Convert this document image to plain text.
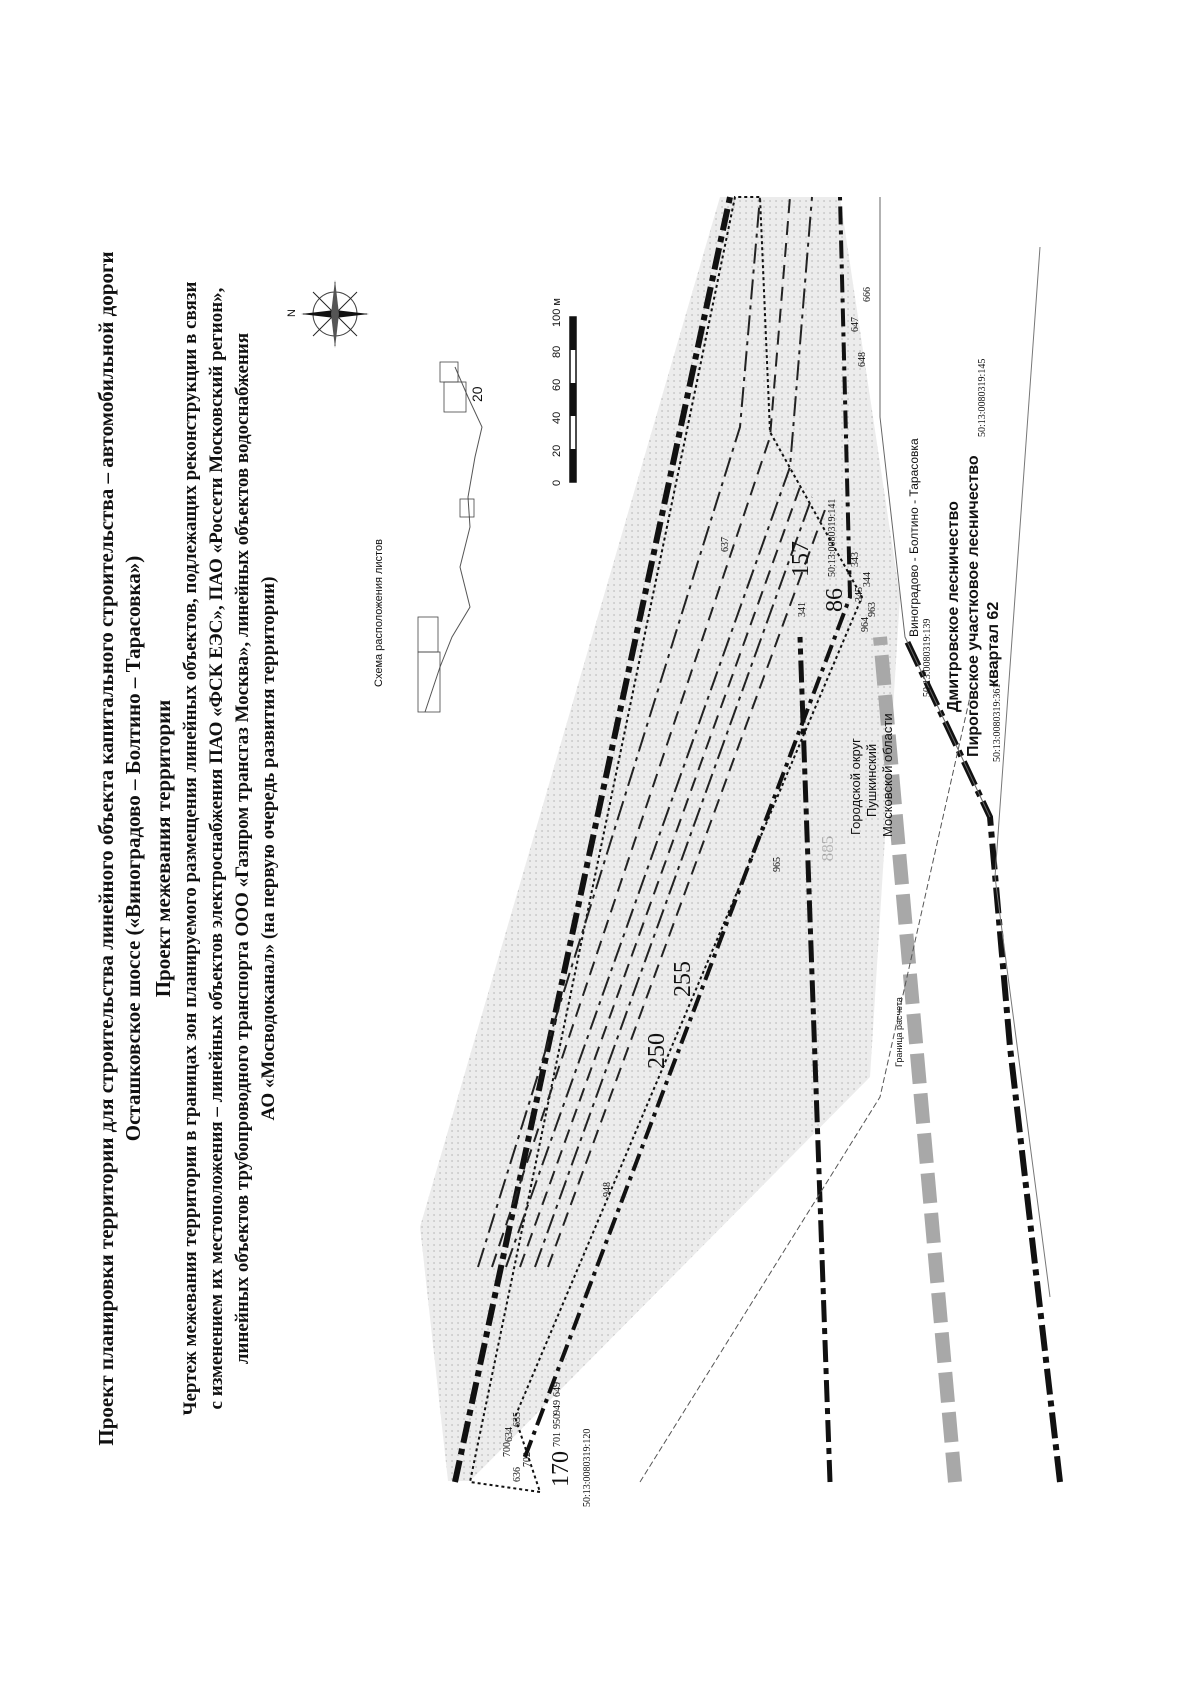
Проект планировки территории для строительства линейного объекта капитального строительства – автомобильной дороги Осташковское шоссе («Виноградово – Болтино – Тарасовка») Проект межевания территории Чертеж межевания территории в границах зон планируемого размещения линейных объектов, подлежащих реконструкции в связи с изменением их местоположения – линейных объектов электроснабжения ПАО «ФСК ЕЭС», ПАО «Россети Московский регион», линейных объектов трубопроводного транспорта ООО «Газпром трансгаз Москва», линейных объектов водоснабжения АО «Мосводоканал» (на первую очередь развития территории)
N
Схема расположения листов
20
0
20
40
60
80
100 м
Городской округ Пушкинский Московской области
Дмитровское лесничество Пироговское участковое лесничество квартал 62
Виноградово - Болтино - Тарасовка
Граница расчета
50:13:0080319:139
50:13:0080319:145
50:13:0080319:361
50:13:0080319:141
50:13:0080319:120
157
86
170
250
255
636
637
647
648
666
635
634
700
702
701
950
949
649
948
965
341
343
344
345
963
964
